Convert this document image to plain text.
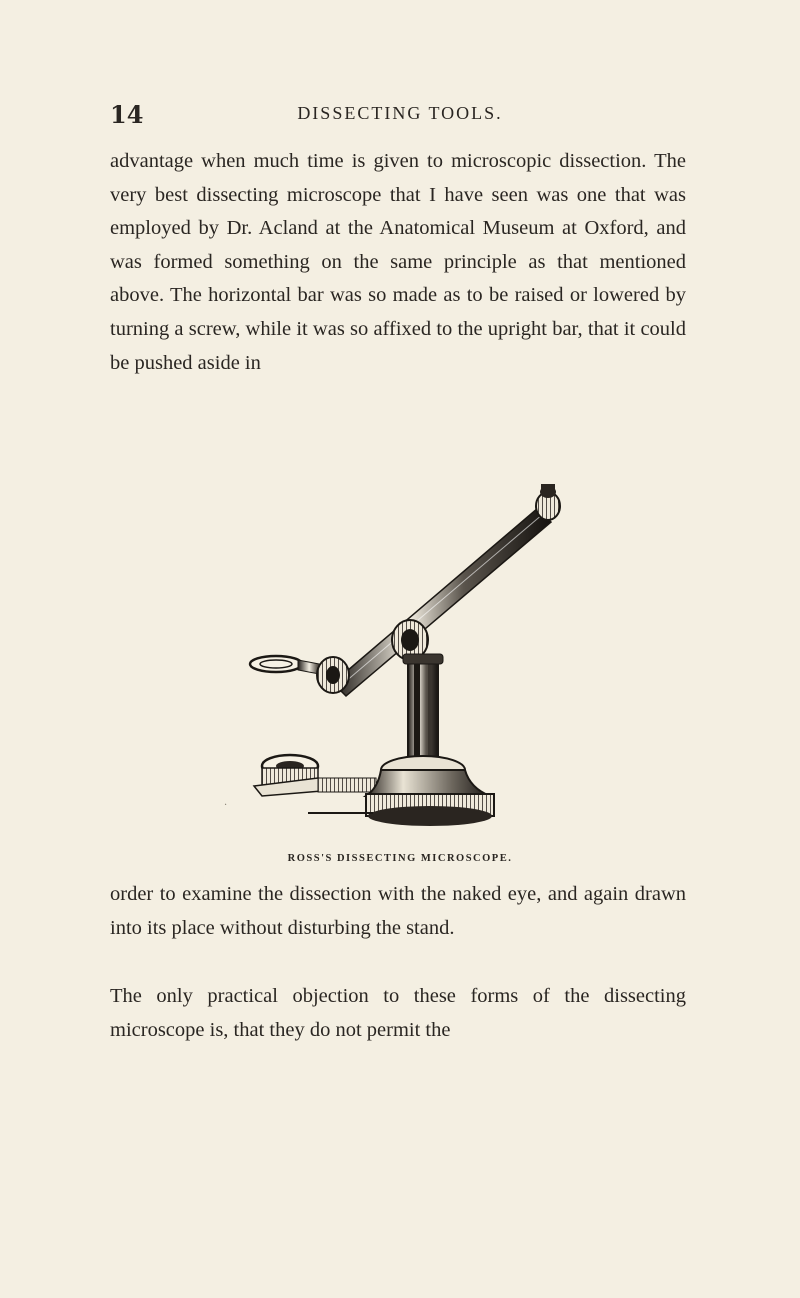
14	DISSECTING TOOLS.

advantage when much time is given to microscopic dissection. The very best dissecting microscope that I have seen was one that was employed by Dr. Acland at the Anatomical Museum at Oxford, and was formed something on the same principle as that mentioned above. The horizontal bar was so made as to be raised or lowered by turning a screw, while it was so affixed to the upright bar, that it could be pushed aside in

·
ROSS'S DISSECTING MICROSCOPE.

order to examine the dissection with the naked eye, and again drawn into its place without disturbing the stand.

The only practical objection to these forms of the dissecting microscope is, that they do not permit the
